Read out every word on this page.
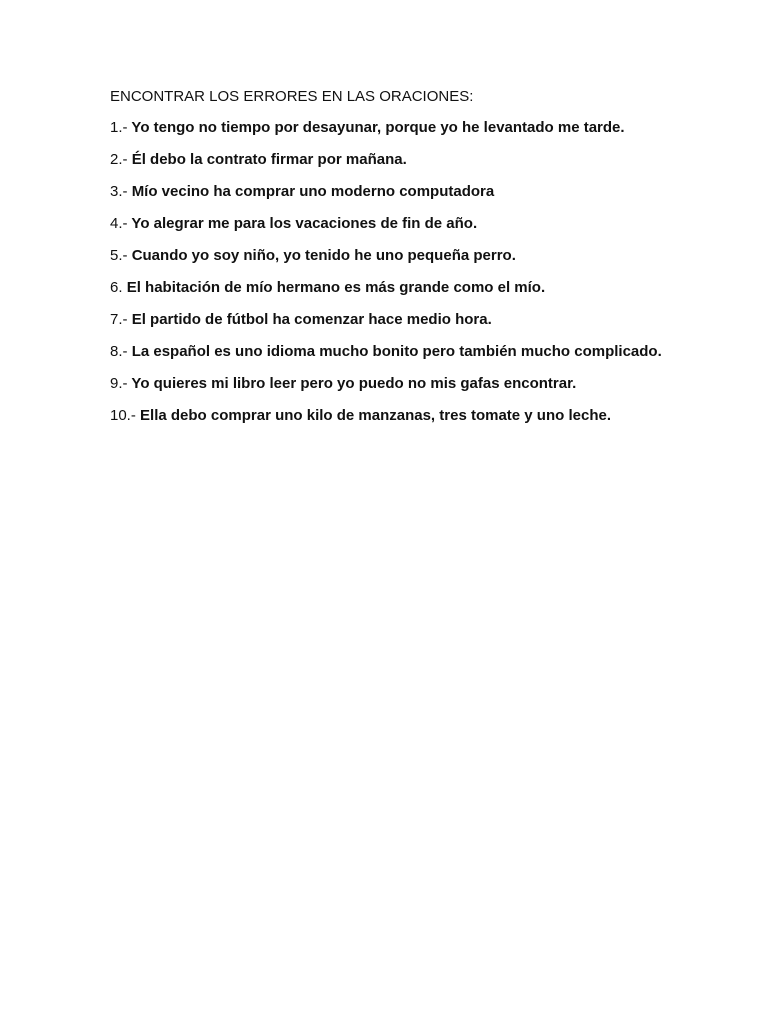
ENCONTRAR LOS ERRORES EN LAS ORACIONES:

1.- Yo tengo no tiempo por desayunar, porque yo he levantado me tarde.
2.- Él debo la contrato firmar por mañana.
3.- Mío vecino ha comprar uno moderno computadora
4.- Yo alegrar me para los vacaciones de fin de año.
5.- Cuando yo soy niño, yo tenido he uno pequeña perro.
6. El habitación de mío hermano es más grande como el mío.
7.- El partido de fútbol ha comenzar hace medio hora.
8.- La español es uno idioma mucho bonito pero también mucho complicado.
9.- Yo quieres mi libro leer pero yo puedo no mis gafas encontrar.
10.- Ella debo comprar uno kilo de manzanas, tres tomate y uno leche.
